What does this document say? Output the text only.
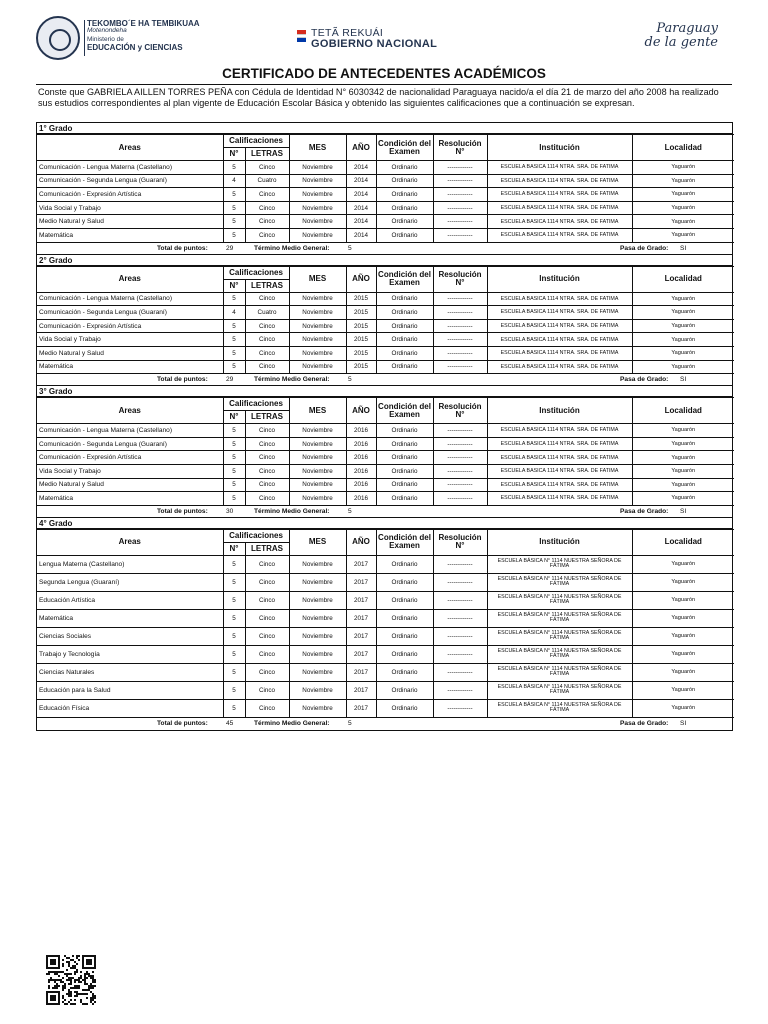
TEKOMBO´E HA TEMBIKUAA
Motenondeha
Ministerio de
EDUCACIÓN y CIENCIAS
TETÃ REKUÁI
GOBIERNO NACIONAL
Paraguay
de la gente
CERTIFICADO DE ANTECEDENTES ACADÉMICOS
Conste que GABRIELA AILLEN TORRES PEÑA con Cédula de Identidad N° 6030342 de nacionalidad Paraguaya nacido/a el día 21 de marzo del año 2008 ha realizado sus estudios correspondientes al plan vigente de Educación Escolar Básica y obtenido las siguientes calificaciones que a continuación se expresan.
1° Grado
Areas	Calificaciones		MES	AÑO	Condición del Examen	Resolución N°	Institución	Localidad
	N°	LETRAS						
Comunicación - Lengua Materna (Castellano)	5	Cinco	Noviembre	2014	Ordinario	------------	ESCUELA BASICA 1114 NTRA. SRA. DE FATIMA	Yaguarón
Comunicación - Segunda Lengua (Guaraní)	4	Cuatro	Noviembre	2014	Ordinario	------------	ESCUELA BASICA 1114 NTRA. SRA. DE FATIMA	Yaguarón
Comunicación - Expresión Artística	5	Cinco	Noviembre	2014	Ordinario	------------	ESCUELA BASICA 1114 NTRA. SRA. DE FATIMA	Yaguarón
Vida Social y Trabajo	5	Cinco	Noviembre	2014	Ordinario	------------	ESCUELA BASICA 1114 NTRA. SRA. DE FATIMA	Yaguarón
Medio Natural y Salud	5	Cinco	Noviembre	2014	Ordinario	------------	ESCUELA BASICA 1114 NTRA. SRA. DE FATIMA	Yaguarón
Matemática	5	Cinco	Noviembre	2014	Ordinario	------------	ESCUELA BASICA 1114 NTRA. SRA. DE FATIMA	Yaguarón
Total de puntos:	29	Término Medio General:	5	Pasa de Grado: SI
2° Grado
Areas	Calificaciones		MES	AÑO	Condición del Examen	Resolución N°	Institución	Localidad
	N°	LETRAS						
Comunicación - Lengua Materna (Castellano)	5	Cinco	Noviembre	2015	Ordinario	------------	ESCUELA BASICA 1114 NTRA. SRA. DE FATIMA	Yaguarón
Comunicación - Segunda Lengua (Guaraní)	4	Cuatro	Noviembre	2015	Ordinario	------------	ESCUELA BASICA 1114 NTRA. SRA. DE FATIMA	Yaguarón
Comunicación - Expresión Artística	5	Cinco	Noviembre	2015	Ordinario	------------	ESCUELA BASICA 1114 NTRA. SRA. DE FATIMA	Yaguarón
Vida Social y Trabajo	5	Cinco	Noviembre	2015	Ordinario	------------	ESCUELA BASICA 1114 NTRA. SRA. DE FATIMA	Yaguarón
Medio Natural y Salud	5	Cinco	Noviembre	2015	Ordinario	------------	ESCUELA BASICA 1114 NTRA. SRA. DE FATIMA	Yaguarón
Matemática	5	Cinco	Noviembre	2015	Ordinario	------------	ESCUELA BASICA 1114 NTRA. SRA. DE FATIMA	Yaguarón
Total de puntos:	29	Término Medio General:	5	Pasa de Grado: SI
3° Grado
Areas	Calificaciones		MES	AÑO	Condición del Examen	Resolución N°	Institución	Localidad
	N°	LETRAS						
Comunicación - Lengua Materna (Castellano)	5	Cinco	Noviembre	2016	Ordinario	------------	ESCUELA BASICA 1114 NTRA. SRA. DE FATIMA	Yaguarón
Comunicación - Segunda Lengua (Guaraní)	5	Cinco	Noviembre	2016	Ordinario	------------	ESCUELA BASICA 1114 NTRA. SRA. DE FATIMA	Yaguarón
Comunicación - Expresión Artística	5	Cinco	Noviembre	2016	Ordinario	------------	ESCUELA BASICA 1114 NTRA. SRA. DE FATIMA	Yaguarón
Vida Social y Trabajo	5	Cinco	Noviembre	2016	Ordinario	------------	ESCUELA BASICA 1114 NTRA. SRA. DE FATIMA	Yaguarón
Medio Natural y Salud	5	Cinco	Noviembre	2016	Ordinario	------------	ESCUELA BASICA 1114 NTRA. SRA. DE FATIMA	Yaguarón
Matemática	5	Cinco	Noviembre	2016	Ordinario	------------	ESCUELA BASICA 1114 NTRA. SRA. DE FATIMA	Yaguarón
Total de puntos:	30	Término Medio General:	5	Pasa de Grado: SI
4° Grado
Areas	Calificaciones		MES	AÑO	Condición del Examen	Resolución N°	Institución	Localidad
	N°	LETRAS						
Lengua Materna (Castellano)	5	Cinco	Noviembre	2017	Ordinario	------------	ESCUELA BÁSICA N° 1114 NUESTRA SEÑORA DE FÁTIMA	Yaguarón
Segunda Lengua (Guaraní)	5	Cinco	Noviembre	2017	Ordinario	------------	ESCUELA BÁSICA N° 1114 NUESTRA SEÑORA DE FÁTIMA	Yaguarón
Educación Artística	5	Cinco	Noviembre	2017	Ordinario	------------	ESCUELA BÁSICA N° 1114 NUESTRA SEÑORA DE FÁTIMA	Yaguarón
Matemática	5	Cinco	Noviembre	2017	Ordinario	------------	ESCUELA BÁSICA N° 1114 NUESTRA SEÑORA DE FÁTIMA	Yaguarón
Ciencias Sociales	5	Cinco	Noviembre	2017	Ordinario	------------	ESCUELA BÁSICA N° 1114 NUESTRA SEÑORA DE FÁTIMA	Yaguarón
Trabajo y Tecnología	5	Cinco	Noviembre	2017	Ordinario	------------	ESCUELA BÁSICA N° 1114 NUESTRA SEÑORA DE FÁTIMA	Yaguarón
Ciencias Naturales	5	Cinco	Noviembre	2017	Ordinario	------------	ESCUELA BÁSICA N° 1114 NUESTRA SEÑORA DE FÁTIMA	Yaguarón
Educación para la Salud	5	Cinco	Noviembre	2017	Ordinario	------------	ESCUELA BÁSICA N° 1114 NUESTRA SEÑORA DE FÁTIMA	Yaguarón
Educación Física	5	Cinco	Noviembre	2017	Ordinario	------------	ESCUELA BÁSICA N° 1114 NUESTRA SEÑORA DE FÁTIMA	Yaguarón
Total de puntos:	45	Término Medio General:	5	Pasa de Grado: SI
